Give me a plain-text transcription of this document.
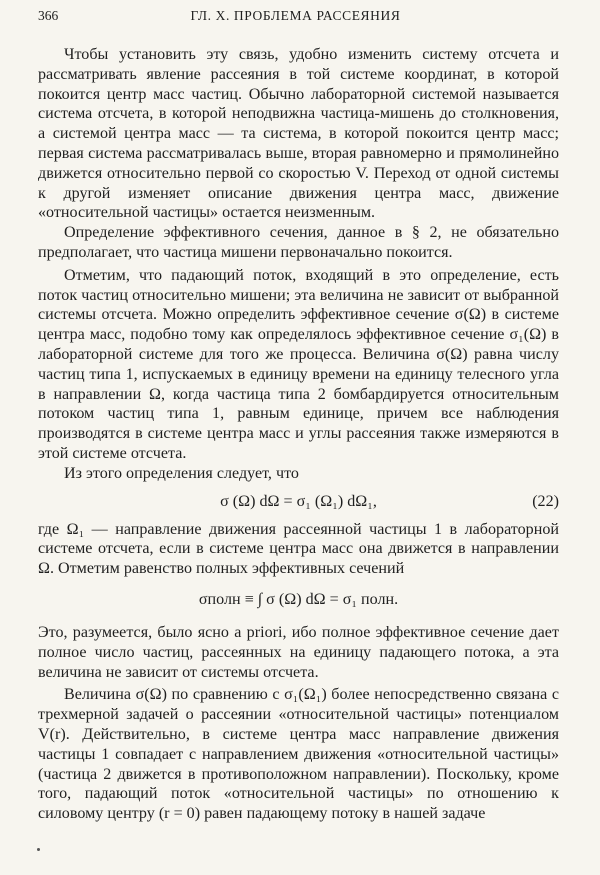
366	ГЛ. X. ПРОБЛЕМА РАССЕЯНИЯ

Чтобы установить эту связь, удобно изменить систему отсчета и рассматривать явление рассеяния в той системе координат, в которой покоится центр масс частиц. Обычно лабораторной системой называется система отсчета, в которой неподвижна частица-мишень до столкновения, а системой центра масс — та система, в которой покоится центр масс; первая система рассматривалась выше, вторая равномерно и прямолинейно движется относительно первой со скоростью V. Переход от одной системы к другой изменяет описание движения центра масс, движение «относительной частицы» остается неизменным.

Определение эффективного сечения, данное в § 2, не обязательно предполагает, что частица мишени первоначально покоится.

Отметим, что падающий поток, входящий в это определение, есть поток частиц относительно мишени; эта величина не зависит от выбранной системы отсчета. Можно определить эффективное сечение σ(Ω) в системе центра масс, подобно тому как определялось эффективное сечение σ₁(Ω) в лабораторной системе для того же процесса. Величина σ(Ω) равна числу частиц типа 1, испускаемых в единицу времени на единицу телесного угла в направлении Ω, когда частица типа 2 бомбардируется относительным потоком частиц типа 1, равным единице, причем все наблюдения производятся в системе центра масс и углы рассеяния также измеряются в этой системе отсчета.

Из этого определения следует, что

σ (Ω) dΩ = σ₁ (Ω₁) dΩ₁,	(22)

где Ω₁ — направление движения рассеянной частицы 1 в лабораторной системе отсчета, если в системе центра масс она движется в направлении Ω. Отметим равенство полных эффективных сечений

σполн ≡ ∫ σ (Ω) dΩ = σ₁ полн.

Это, разумеется, было ясно a priori, ибо полное эффективное сечение дает полное число частиц, рассеянных на единицу падающего потока, а эта величина не зависит от системы отсчета.

Величина σ(Ω) по сравнению с σ₁(Ω₁) более непосредственно связана с трехмерной задачей о рассеянии «относительной частицы» потенциалом V(r). Действительно, в системе центра масс направление движения частицы 1 совпадает с направлением движения «относительной частицы» (частица 2 движется в противоположном направлении). Поскольку, кроме того, падающий поток «относительной частицы» по отношению к силовому центру (r = 0) равен падающему потоку в нашей задаче
